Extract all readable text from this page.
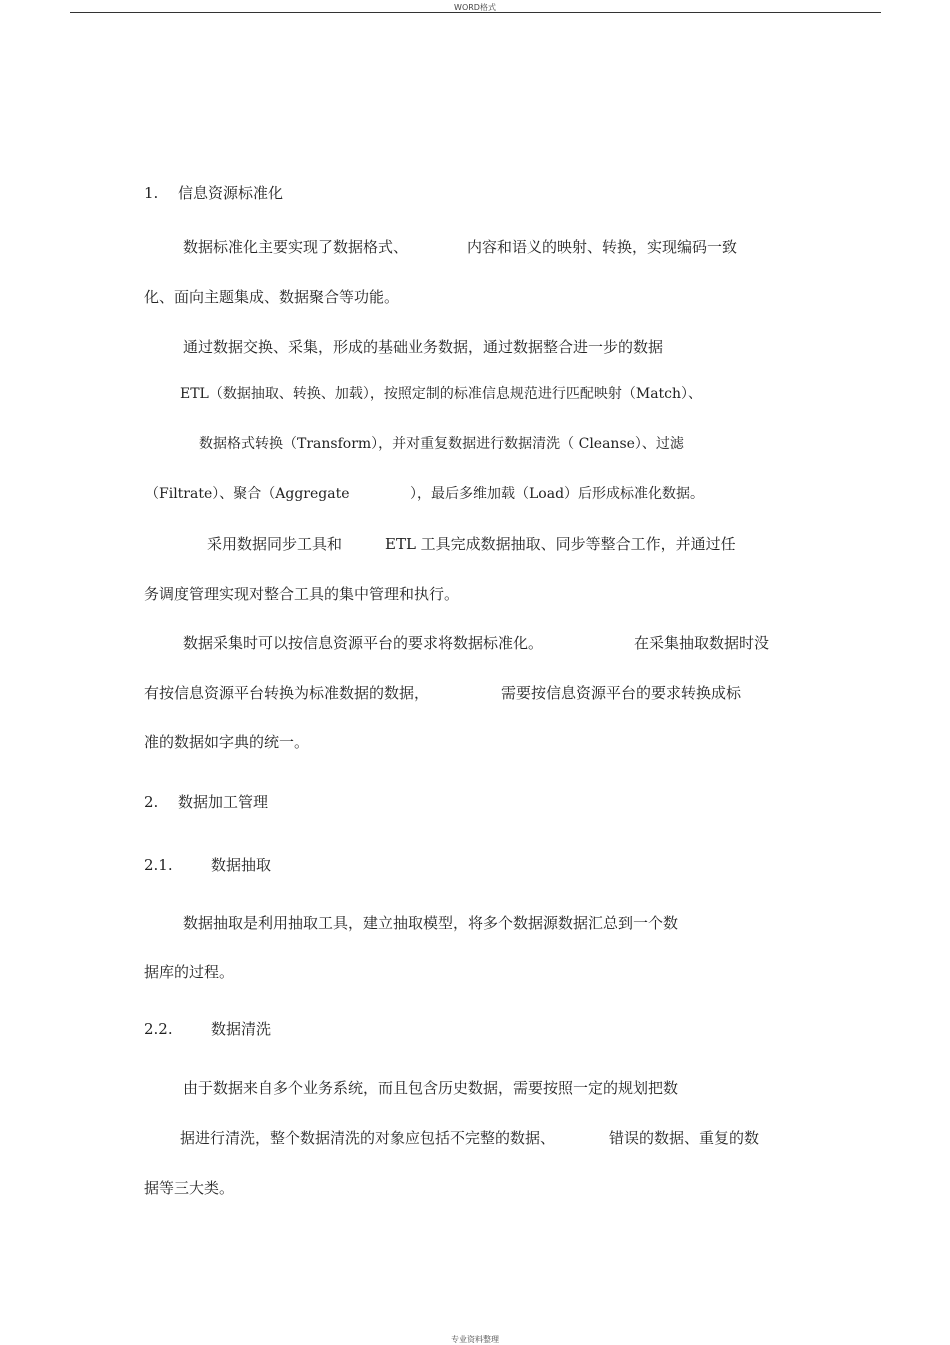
WORD格式
1. 信息资源标准化
数据标准化主要实现了数据格式、	内容和语义的映射、转换，实现编码一致
化、面向主题集成、数据聚合等功能。
通过数据交换、采集，形成的基础业务数据，通过数据整合进一步的数据
ETL（数据抽取、转换、加载），按照定制的标准信息规范进行匹配映射（Match）、
数据格式转换（Transform），并对重复数据进行数据清洗（ Cleanse）、过滤
（Filtrate）、聚合（Aggregate	），最后多维加载（Load）后形成标准化数据。
采用数据同步工具和	ETL 工具完成数据抽取、同步等整合工作，并通过任
务调度管理实现对整合工具的集中管理和执行。
数据采集时可以按信息资源平台的要求将数据标准化。	在采集抽取数据时没
有按信息资源平台转换为标准数据的数据，	需要按信息资源平台的要求转换成标
准的数据如字典的统一。
2. 数据加工管理
2.1.	数据抽取
数据抽取是利用抽取工具，建立抽取模型，将多个数据源数据汇总到一个数
据库的过程。
2.2.	数据清洗
由于数据来自多个业务系统，而且包含历史数据，需要按照一定的规划把数
据进行清洗，整个数据清洗的对象应包括不完整的数据、	错误的数据、重复的数
据等三大类。
专业资料整理
